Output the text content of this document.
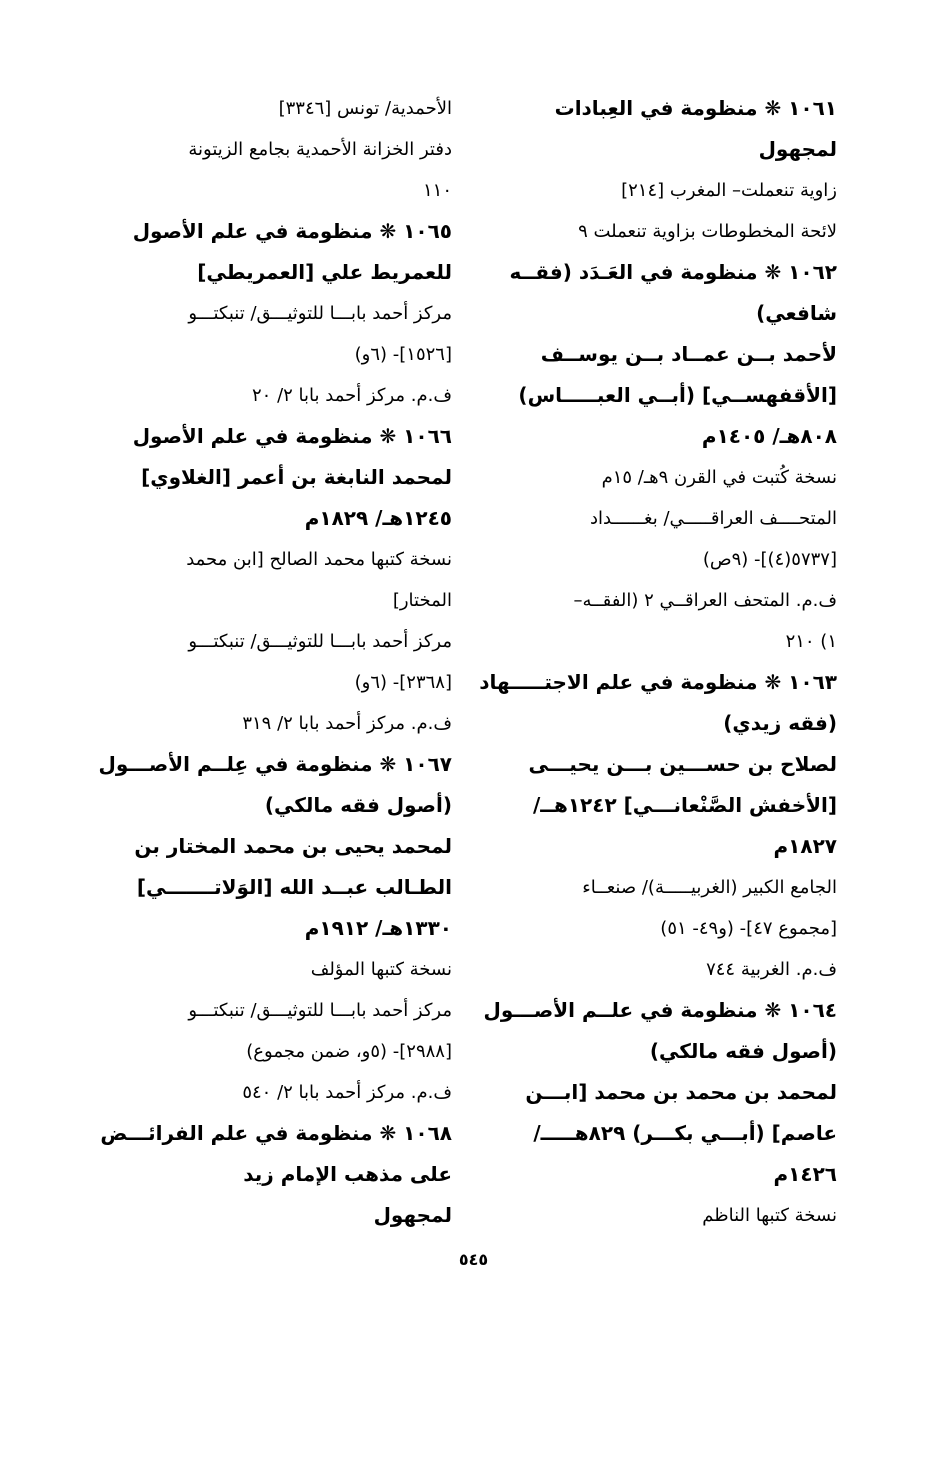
١٠٦١ ❋ منظومة في العِبادات
لمجهول
زاوية تنعملت– المغرب [٢١٤]
لائحة المخطوطات بزاوية تنعملت ٩
١٠٦٢ ❋ منظومة في العَـدَد (فقــه
شافعي)
لأحمد بــن عمــاد بــن يوســف
[الأقفهســي] (أبــي العبـــــاس)
٨٠٨هـ/ ١٤٠٥م
نسخة كُتبت في القرن ٩هـ/ ١٥م
المتحــــف العراقـــــي/ بغــــــداد
[٥٧٣٧(٤)]- (٩ص)
ف.م. المتحف العراقــي ٢ (الفقــه–
١) ٢١٠
١٠٦٣ ❋ منظومة في علم الاجتـــــهاد
(فقه زيدي)
لصلاح بن حســـين بـــن يحيـــى
[الأخفش الصَّنْعانـــي] ١٢٤٢هــ/
١٨٢٧م
الجامع الكبير (الغربيـــــة)/ صنعــاء
[مجموع ٤٧]- (و٤٩- ٥١)
ف.م. الغربية ٧٤٤
١٠٦٤ ❋ منظومة في علــم الأصـــول
(أصول فقه مالكي)
لمحمد بن محمد بن محمد [ابـــن
عاصم] (أبـــي بكـــر) ٨٢٩هـــــ/
١٤٢٦م
نسخة كتبها الناظم
الأحمدية/ تونس [٣٣٤٦]
دفتر الخزانة الأحمدية بجامع الزيتونة
١١٠
١٠٦٥ ❋ منظومة في علم الأصول
للعمريط علي [العمريطي]
مركز أحمد بابـــا للتوثيـــق/ تنبكتـــو
[١٥٢٦]- (٦و)
ف.م. مركز أحمد بابا ٢/ ٢٠
١٠٦٦ ❋ منظومة في علم الأصول
لمحمد النابغة بن أعمر [الغلاوي]
١٢٤٥هـ/ ١٨٢٩م
نسخة كتبها محمد الصالح [ابن محمد
المختار]
مركز أحمد بابـــا للتوثيـــق/ تنبكتـــو
[٢٣٦٨]- (٦و)
ف.م. مركز أحمد بابا ٢/ ٣١٩
١٠٦٧ ❋ منظومة في عِلــم الأصـــول
(أصول فقه مالكي)
لمحمد يحيى بن محمد المختار بن
الطـالب عبــد الله [الوَلاتـــــــي]
١٣٣٠هـ/ ١٩١٢م
نسخة كتبها المؤلف
مركز أحمد بابـــا للتوثيـــق/ تنبكتـــو
[٢٩٨٨]- (٥و، ضمن مجموع)
ف.م. مركز أحمد بابا ٢/ ٥٤٠
١٠٦٨ ❋ منظومة في علم الفرائـــض
على مذهب الإمام زيد
لمجهول
٥٤٥
